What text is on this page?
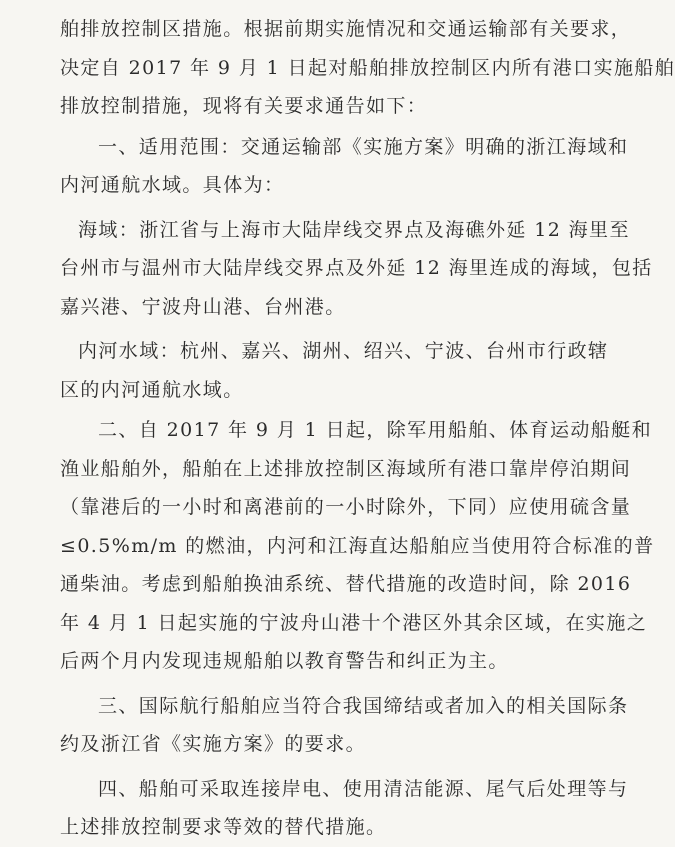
舶排放控制区措施。根据前期实施情况和交通运输部有关要求，
决定自 2017 年 9 月 1 日起对船舶排放控制区内所有港口实施船舶
排放控制措施，现将有关要求通告如下：
一、适用范围：交通运输部《实施方案》明确的浙江海域和
内河通航水域。具体为：
海域：浙江省与上海市大陆岸线交界点及海礁外延 12 海里至
台州市与温州市大陆岸线交界点及外延 12 海里连成的海域，包括
嘉兴港、宁波舟山港、台州港。
内河水域：杭州、嘉兴、湖州、绍兴、宁波、台州市行政辖
区的内河通航水域。
二、自 2017 年 9 月 1 日起，除军用船舶、体育运动船艇和
渔业船舶外，船舶在上述排放控制区海域所有港口靠岸停泊期间
（靠港后的一小时和离港前的一小时除外，下同）应使用硫含量
≤0.5%m/m 的燃油，内河和江海直达船舶应当使用符合标准的普
通柴油。考虑到船舶换油系统、替代措施的改造时间，除 2016
年 4 月 1 日起实施的宁波舟山港十个港区外其余区域，在实施之
后两个月内发现违规船舶以教育警告和纠正为主。
三、国际航行船舶应当符合我国缔结或者加入的相关国际条
约及浙江省《实施方案》的要求。
四、船舶可采取连接岸电、使用清洁能源、尾气后处理等与
上述排放控制要求等效的替代措施。
